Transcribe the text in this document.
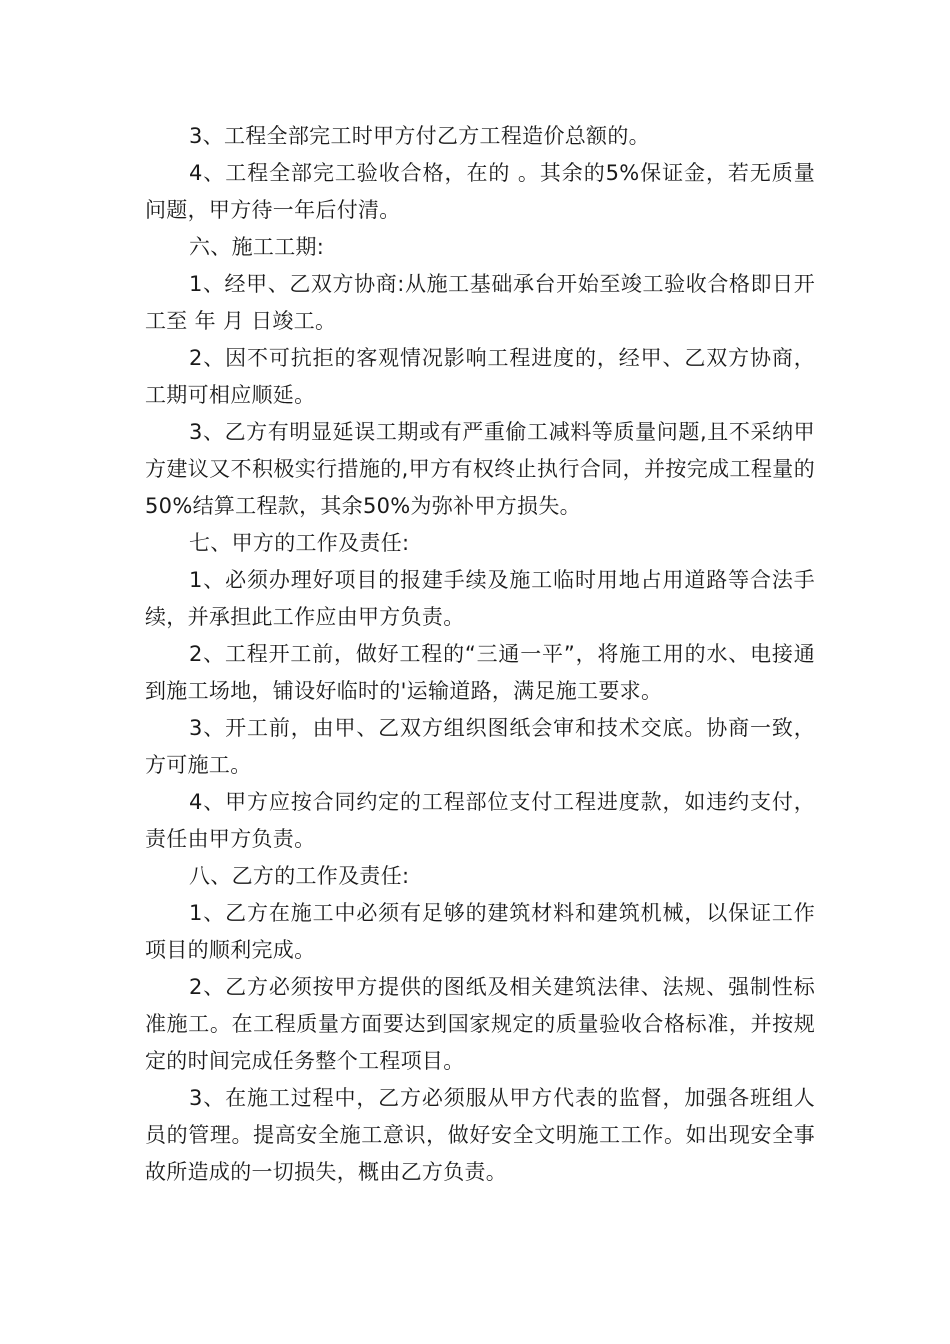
3、工程全部完工时甲方付乙方工程造价总额的。

4、工程全部完工验收合格，在的 。其余的5%保证金，若无质量问题，甲方待一年后付清。

六、施工工期:

1、经甲、乙双方协商:从施工基础承台开始至竣工验收合格即日开工至 年 月 日竣工。

2、因不可抗拒的客观情况影响工程进度的，经甲、乙双方协商，工期可相应顺延。

3、乙方有明显延误工期或有严重偷工减料等质量问题,且不采纳甲方建议又不积极实行措施的,甲方有权终止执行合同，并按完成工程量的50%结算工程款，其余50%为弥补甲方损失。

七、甲方的工作及责任:

1、必须办理好项目的报建手续及施工临时用地占用道路等合法手续，并承担此工作应由甲方负责。

2、工程开工前，做好工程的“三通一平”，将施工用的水、电接通到施工场地，铺设好临时的'运输道路，满足施工要求。

3、开工前，由甲、乙双方组织图纸会审和技术交底。协商一致，方可施工。

4、甲方应按合同约定的工程部位支付工程进度款，如违约支付，责任由甲方负责。

八、乙方的工作及责任:

1、乙方在施工中必须有足够的建筑材料和建筑机械，以保证工作项目的顺利完成。

2、乙方必须按甲方提供的图纸及相关建筑法律、法规、强制性标准施工。在工程质量方面要达到国家规定的质量验收合格标准，并按规定的时间完成任务整个工程项目。

3、在施工过程中，乙方必须服从甲方代表的监督，加强各班组人员的管理。提高安全施工意识，做好安全文明施工工作。如出现安全事故所造成的一切损失，概由乙方负责。
